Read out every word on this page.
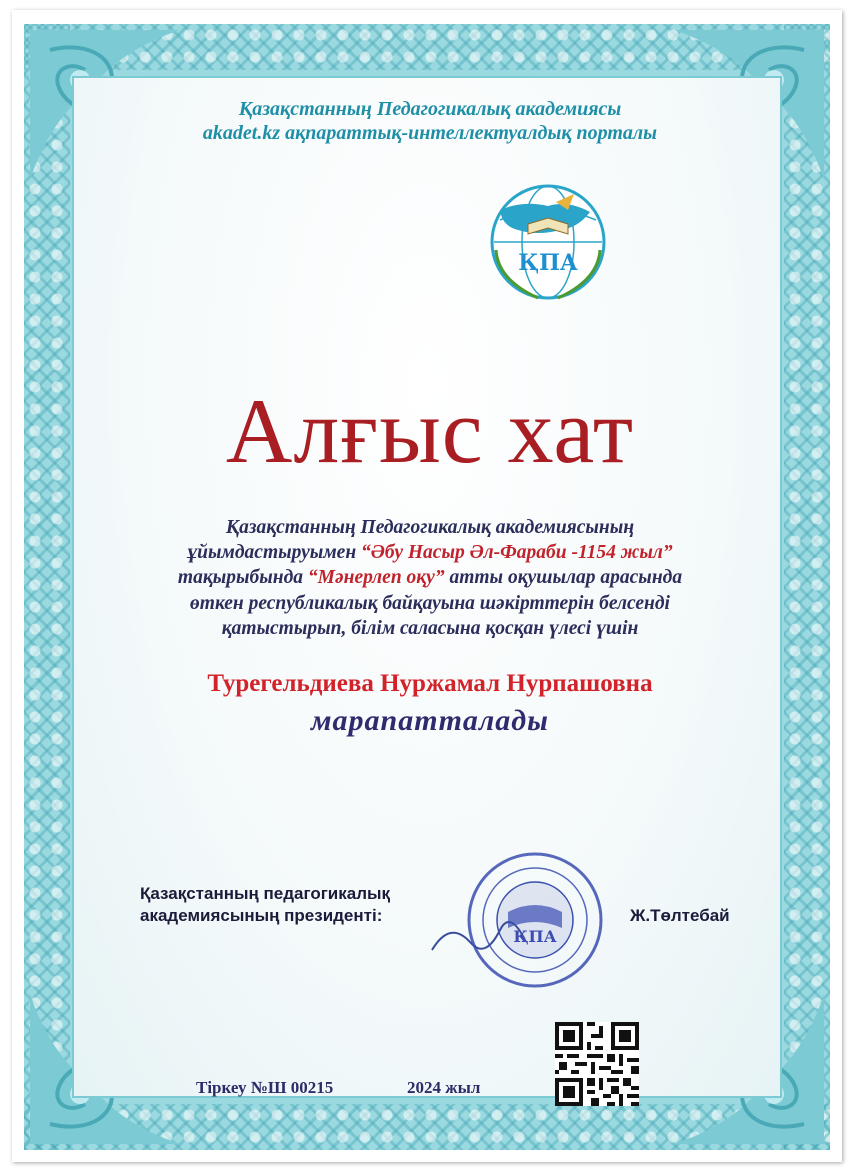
Қазақстанның Педагогикалық академиясы
akadet.kz ақпараттық-интеллектуалдық порталы
ҚПА
Алғыс хат
Қазақстанның Педагогикалық академиясының
ұйымдастыруымен “Әбу Насыр Әл-Фараби -1154 жыл”
тақырыбында “Мәнерлеп оқу” атты оқушылар арасында
өткен республикалық байқауына шәкірттерін белсенді
қатыстырып, білім саласына қосқан үлесі үшін
Турегельдиева Нуржамал Нурпашовна
марапатталады
Қазақстанның педагогикалық
академиясының президенті:
ҚПА
Ж.Төлтебай
Тіркеу №Ш 00215	2024 жыл
